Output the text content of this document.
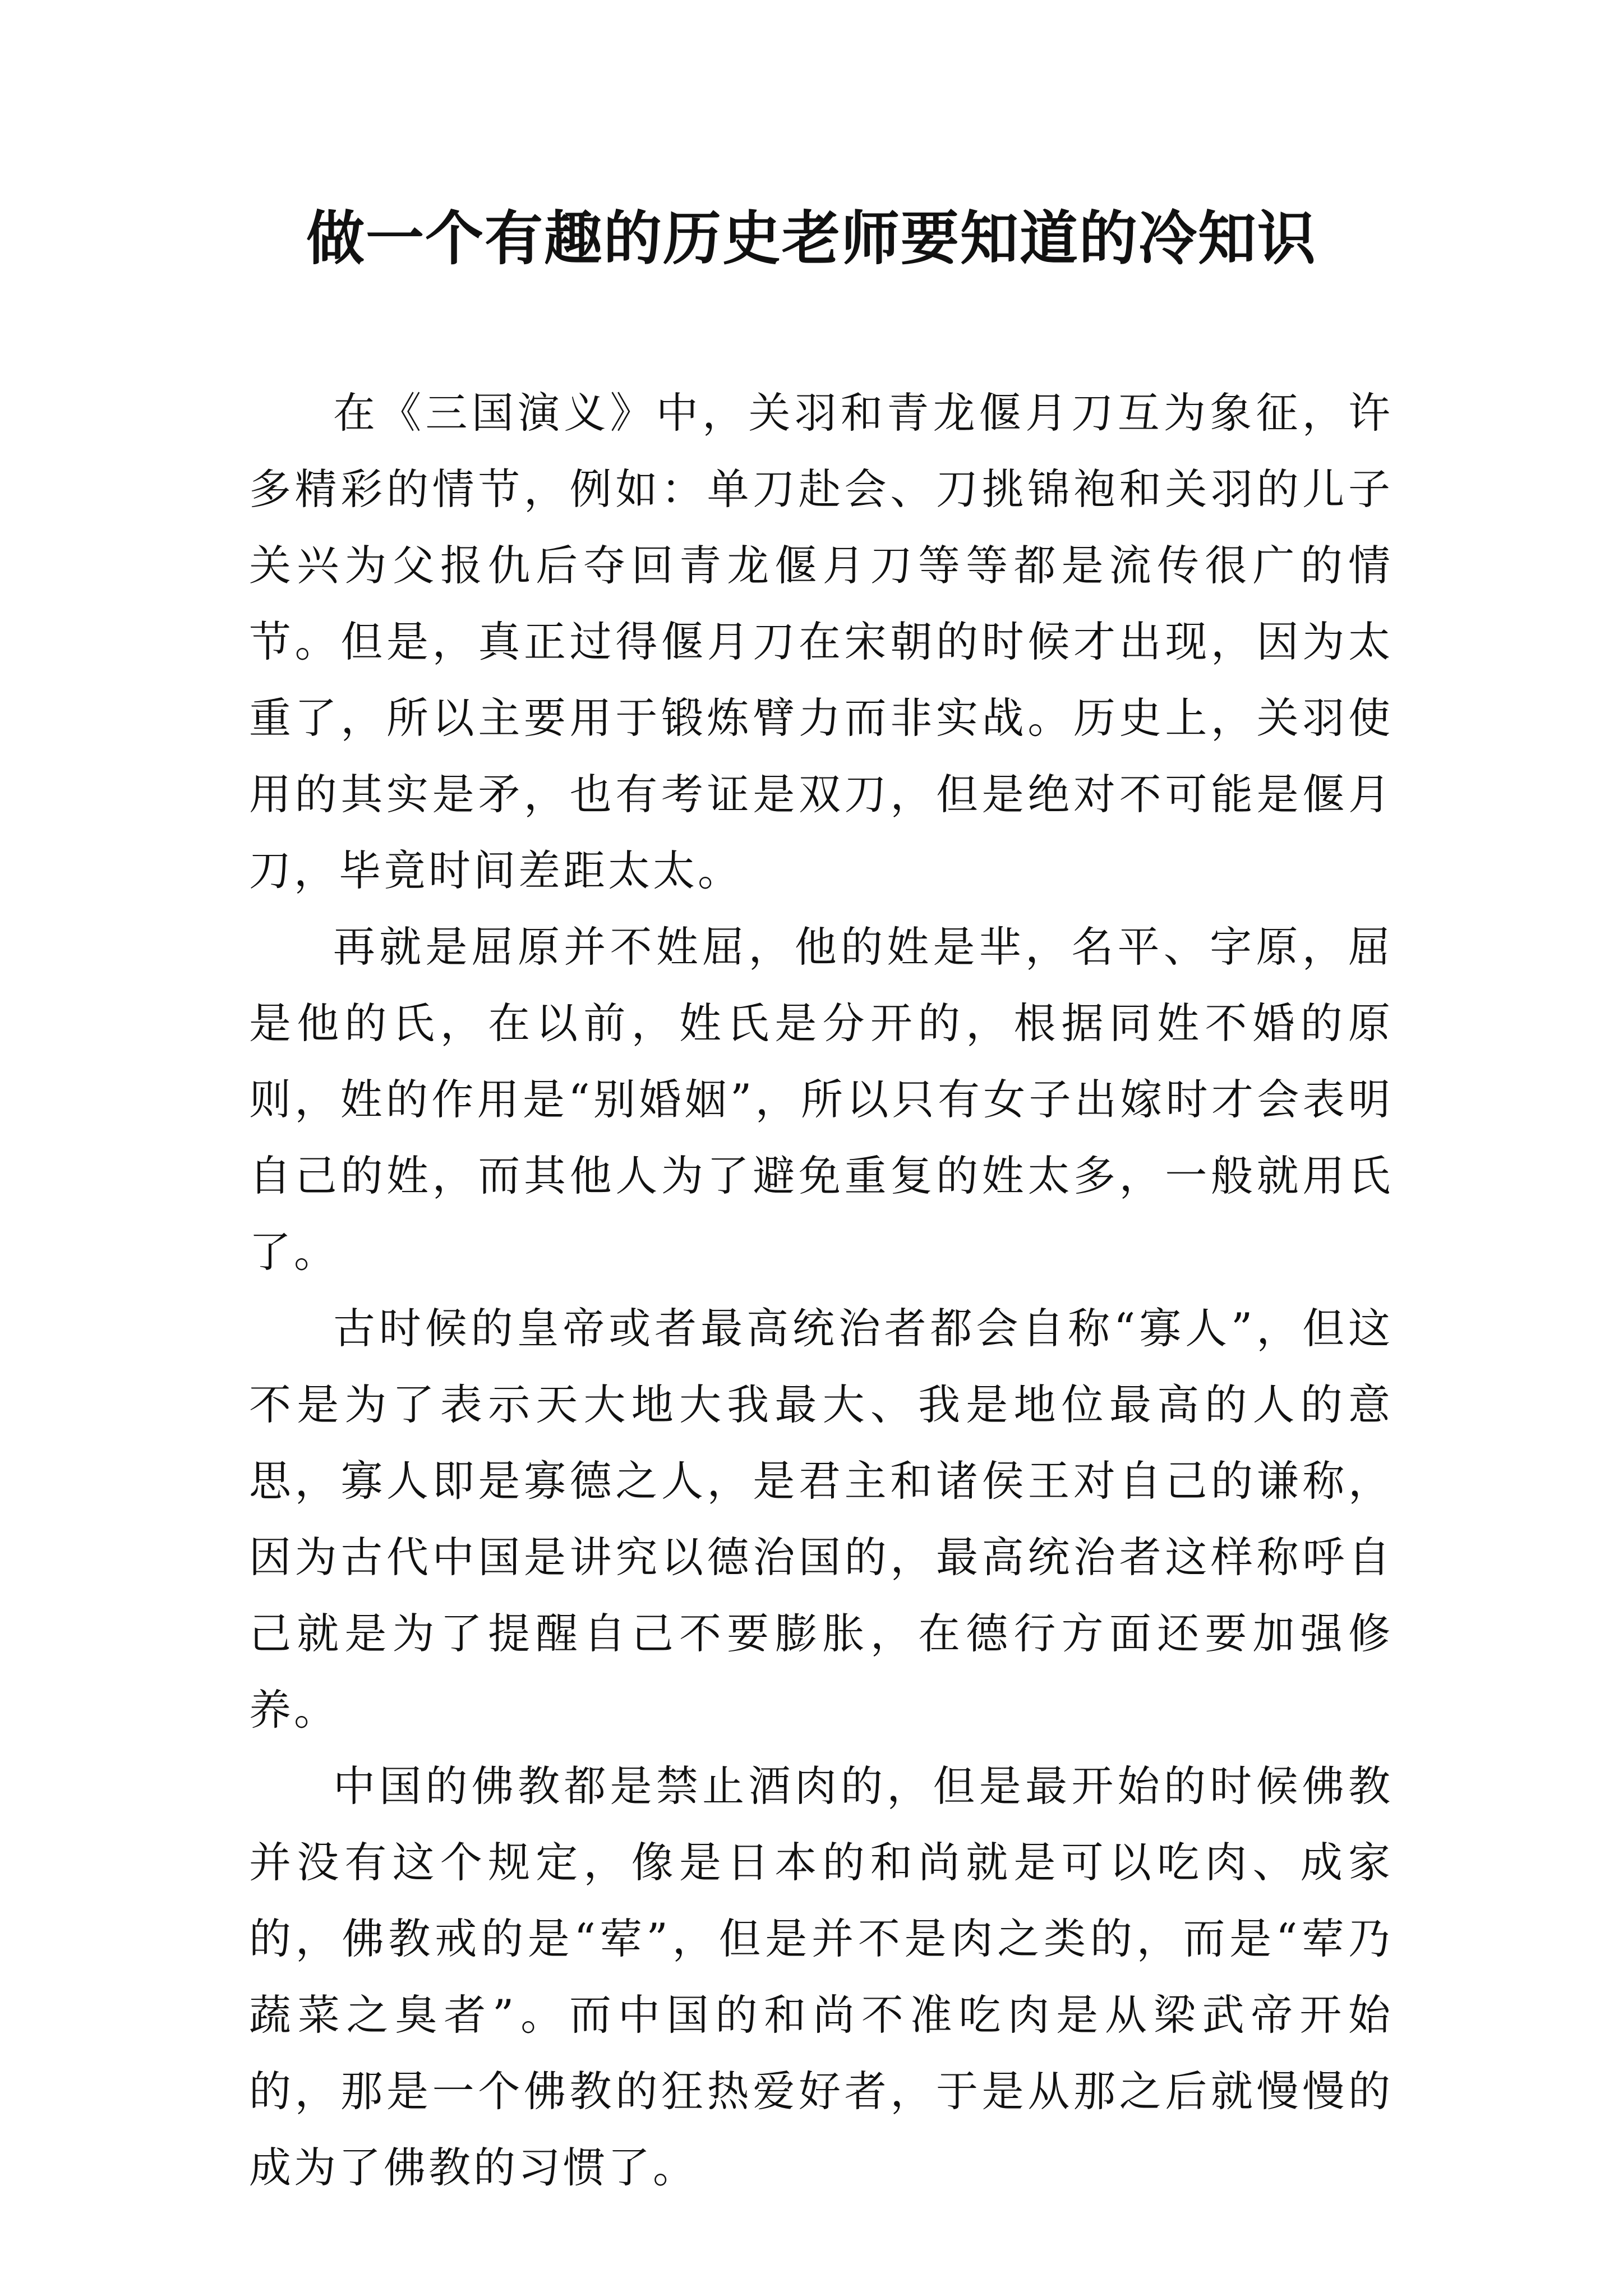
做一个有趣的历史老师要知道的冷知识

在《三国演义》中，关羽和青龙偃月刀互为象征，许多精彩的情节，例如：单刀赴会、刀挑锦袍和关羽的儿子关兴为父报仇后夺回青龙偃月刀等等都是流传很广的情节。但是，真正过得偃月刀在宋朝的时候才出现，因为太重了，所以主要用于锻炼臂力而非实战。历史上，关羽使用的其实是矛，也有考证是双刀，但是绝对不可能是偃月刀，毕竟时间差距太太。

再就是屈原并不姓屈，他的姓是芈，名平、字原，屈是他的氏，在以前，姓氏是分开的，根据同姓不婚的原则，姓的作用是“别婚姻”，所以只有女子出嫁时才会表明自己的姓，而其他人为了避免重复的姓太多，一般就用氏了。

古时候的皇帝或者最高统治者都会自称“寡人”，但这不是为了表示天大地大我最大、我是地位最高的人的意思，寡人即是寡德之人，是君主和诸侯王对自己的谦称，因为古代中国是讲究以德治国的，最高统治者这样称呼自己就是为了提醒自己不要膨胀，在德行方面还要加强修养。

中国的佛教都是禁止酒肉的，但是最开始的时候佛教并没有这个规定，像是日本的和尚就是可以吃肉、成家的，佛教戒的是“荤”，但是并不是肉之类的，而是“荤乃蔬菜之臭者”。而中国的和尚不准吃肉是从梁武帝开始的，那是一个佛教的狂热爱好者，于是从那之后就慢慢的成为了佛教的习惯了。
